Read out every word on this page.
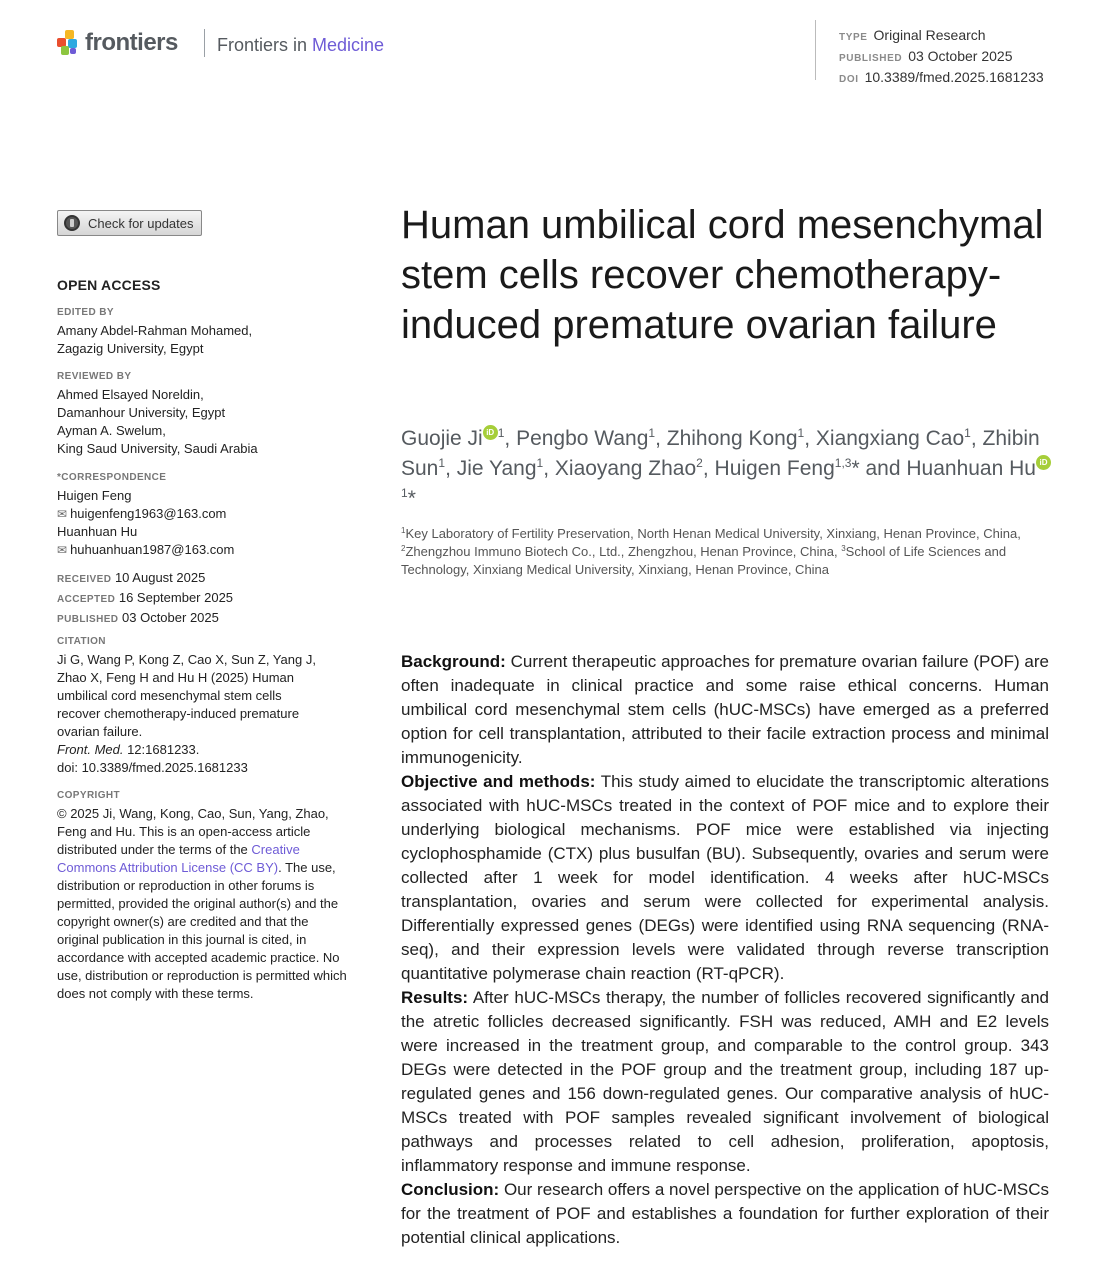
frontiers Frontiers in Medicine	TYPE Original Research
PUBLISHED 03 October 2025
DOI 10.3389/fmed.2025.1681233
Check for updates
OPEN ACCESS
EDITED BY
Amany Abdel-Rahman Mohamed,
Zagazig University, Egypt
REVIEWED BY
Ahmed Elsayed Noreldin,
Damanhour University, Egypt
Ayman A. Swelum,
King Saud University, Saudi Arabia
*CORRESPONDENCE
Huigen Feng
✉ huigenfeng1963@163.com
Huanhuan Hu
✉ huhuanhuan1987@163.com
RECEIVED 10 August 2025
ACCEPTED 16 September 2025
PUBLISHED 03 October 2025
CITATION
Ji G, Wang P, Kong Z, Cao X, Sun Z, Yang J,
Zhao X, Feng H and Hu H (2025) Human
umbilical cord mesenchymal stem cells
recover chemotherapy-induced premature
ovarian failure.
Front. Med. 12:1681233.
doi: 10.3389/fmed.2025.1681233
COPYRIGHT
© 2025 Ji, Wang, Kong, Cao, Sun, Yang, Zhao, Feng and Hu. This is an open-access article distributed under the terms of the Creative Commons Attribution License (CC BY). The use, distribution or reproduction in other forums is permitted, provided the original author(s) and the copyright owner(s) are credited and that the original publication in this journal is cited, in accordance with accepted academic practice. No use, distribution or reproduction is permitted which does not comply with these terms.
Human umbilical cord mesenchymal stem cells recover chemotherapy-induced premature ovarian failure
Guojie Ji iD $^1$, Pengbo Wang$^1$, Zhihong Kong$^1$, Xiangxiang Cao$^1$, Zhibin Sun$^1$, Jie Yang$^1$, Xiaoyang Zhao$^2$, Huigen Feng$^{1,3}$* and Huanhuan Hu $iD^1*$
$^1$Key Laboratory of Fertility Preservation, North Henan Medical University, Xinxiang, Henan Province, China, $^2$Zhengzhou Immuno Biotech Co., Ltd., Zhengzhou, Henan Province, China, $^3$School of Life Sciences and Technology, Xinxiang Medical University, Xinxiang, Henan Province, China

Background: Current therapeutic approaches for premature ovarian failure (POF) are often inadequate in clinical practice and some raise ethical concerns. Human umbilical cord mesenchymal stem cells (hUC-MSCs) have emerged as a preferred option for cell transplantation, attributed to their facile extraction process and minimal immunogenicity.

Objective and methods: This study aimed to elucidate the transcriptomic alterations associated with hUC-MSCs treated in the context of POF mice and to explore their underlying biological mechanisms. POF mice were established via injecting cyclophosphamide (CTX) plus busulfan (BU). Subsequently, ovaries and serum were collected after 1 week for model identification. 4 weeks after hUC-MSCs transplantation, ovaries and serum were collected for experimental analysis. Differentially expressed genes (DEGs) were identified using RNA sequencing (RNA-seq), and their expression levels were validated through reverse transcription quantitative polymerase chain reaction (RT-qPCR).

Results: After hUC-MSCs therapy, the number of follicles recovered significantly and the atretic follicles decreased significantly. FSH was reduced, AMH and E2 levels were increased in the treatment group, and comparable to the control group. 343 DEGs were detected in the POF group and the treatment group, including 187 up-regulated genes and 156 down-regulated genes. Our comparative analysis of hUC-MSCs treated with POF samples revealed significant involvement of biological pathways and processes related to cell adhesion, proliferation, apoptosis, inflammatory response and immune response.

Conclusion: Our research offers a novel perspective on the application of hUC-MSCs for the treatment of POF and establishes a foundation for further exploration of their potential clinical applications.
